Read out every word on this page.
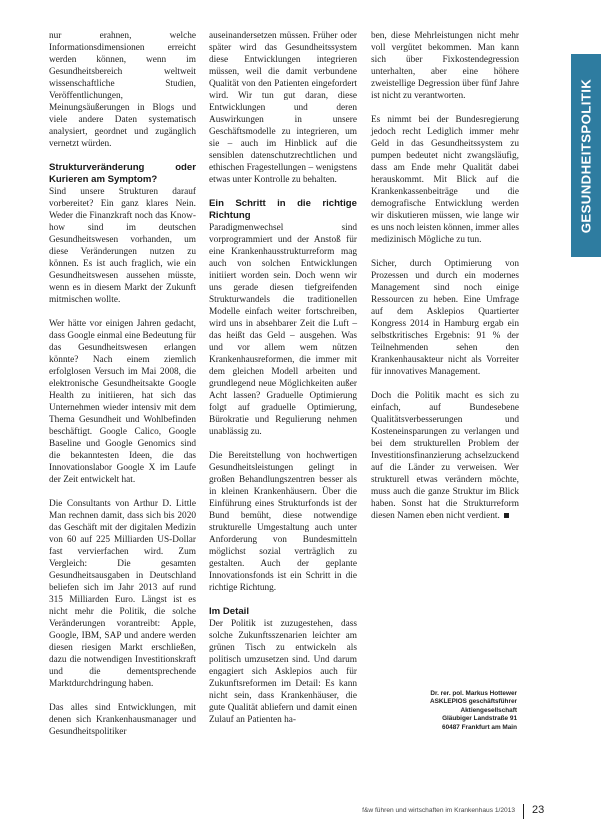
nur erahnen, welche Informationsdimensionen erreicht werden können, wenn im Gesundheitsbereich weltweit wissenschaftliche Studien, Veröffentlichungen, Meinungsäußerungen in Blogs und viele andere Daten systematisch analysiert, geordnet und zugänglich vernetzt würden.

Strukturveränderung oder Kurieren am Symptom?

Sind unsere Strukturen darauf vorbereitet? Ein ganz klares Nein. Weder die Finanzkraft noch das Know-how sind im deutschen Gesundheitswesen vorhanden, um diese Veränderungen nutzen zu können. Es ist auch fraglich, wie ein Gesundheitswesen aussehen müsste, wenn es in diesem Markt der Zukunft mitmischen wollte.

Wer hätte vor einigen Jahren gedacht, dass Google einmal eine Bedeutung für das Gesundheitswesen erlangen könnte? Nach einem ziemlich erfolglosen Versuch im Mai 2008, die elektronische Gesundheitsakte Google Health zu initiieren, hat sich das Unternehmen wieder intensiv mit dem Thema Gesundheit und Wohlbefinden beschäftigt. Google Calico, Google Baseline und Google Genomics sind die bekanntesten Ideen, die das Innovationslabor Google X im Laufe der Zeit entwickelt hat.

Die Consultants von Arthur D. Little Man rechnen damit, dass sich bis 2020 das Geschäft mit der digitalen Medizin von 60 auf 225 Milliarden US-Dollar fast vervierfachen wird. Zum Vergleich: Die gesamten Gesundheitsausgaben in Deutschland beliefen sich im Jahr 2013 auf rund 315 Milliarden Euro. Längst ist es nicht mehr die Politik, die solche Veränderungen vorantreibt: Apple, Google, IBM, SAP und andere werden diesen riesigen Markt erschließen, dazu die notwendigen Investitionskraft und die dementsprechende Marktdurchdringung haben.

Das alles sind Entwicklungen, mit denen sich Krankenhausmanager und Gesundheitspolitiker

auseinandersetzen müssen. Früher oder später wird das Gesundheitssystem diese Entwicklungen integrieren müssen, weil die damit verbundene Qualität von den Patienten eingefordert wird. Wir tun gut daran, diese Entwicklungen und deren Auswirkungen in unsere Geschäftsmodelle zu integrieren, um sie – auch im Hinblick auf die sensiblen datenschutzrechtlichen und ethischen Fragestellungen – wenigstens etwas unter Kontrolle zu behalten.

Ein Schritt in die richtige Richtung

Paradigmenwechsel sind vorprogrammiert und der Anstoß für eine Krankenhausstrukturreform mag auch von solchen Entwicklungen initiiert worden sein. Doch wenn wir uns gerade diesen tiefgreifenden Strukturwandels die traditionellen Modelle einfach weiter fortschreiben, wird uns in absehbarer Zeit die Luft – das heißt das Geld – ausgehen. Was und vor allem wem nützen Krankenhausreformen, die immer mit dem gleichen Modell arbeiten und grundlegend neue Möglichkeiten außer Acht lassen? Graduelle Optimierung folgt auf graduelle Optimierung, Bürokratie und Regulierung nehmen unablässig zu.

Die Bereitstellung von hochwertigen Gesundheitsleistungen gelingt in großen Behandlungszentren besser als in kleinen Krankenhäusern. Über die Einführung eines Strukturfonds ist der Bund bemüht, diese notwendige strukturelle Umgestaltung auch unter Anforderung von Bundesmitteln möglichst sozial verträglich zu gestalten. Auch der geplante Innovationsfonds ist ein Schritt in die richtige Richtung.

Im Detail

Der Politik ist zuzugestehen, dass solche Zukunftsszenarien leichter am grünen Tisch zu entwickeln als politisch umzusetzen sind. Und darum engagiert sich Asklepios auch für Zukunftsreformen im Detail: Es kann nicht sein, dass Krankenhäuser, die gute Qualität abliefern und damit einen Zulauf an Patienten ha-

ben, diese Mehrleistungen nicht mehr voll vergütet bekommen. Man kann sich über Fixkostendegression unterhalten, aber eine höhere zweistellige Degression über fünf Jahre ist nicht zu verantworten.

Es nimmt bei der Bundesregierung jedoch recht Lediglich immer mehr Geld in das Gesundheitssystem zu pumpen bedeutet nicht zwangsläufig, dass am Ende mehr Qualität dabei herauskommt. Mit Blick auf die Krankenkassenbeiträge und die demografische Entwicklung werden wir diskutieren müssen, wie lange wir es uns noch leisten können, immer alles medizinisch Mögliche zu tun.

Sicher, durch Optimierung von Prozessen und durch ein modernes Management sind noch einige Ressourcen zu heben. Eine Umfrage auf dem Asklepios Quartierter Kongress 2014 in Hamburg ergab ein selbstkritisches Ergebnis: 91 % der Teilnehmenden sehen den Krankenhausakteur nicht als Vorreiter für innovatives Management.

Doch die Politik macht es sich zu einfach, auf Bundesebene Qualitätsverbesserungen und Kosteneinsparungen zu verlangen und bei dem strukturellen Problem der Investitionsfinanzierung achselzuckend auf die Länder zu verweisen. Wer strukturell etwas verändern möchte, muss auch die ganze Struktur im Blick haben. Sonst hat die Strukturreform diesen Namen eben nicht verdient.

Dr. rer. pol. Markus Hottewer
ASKLEPIOS geschäftsführer
Aktiengesellschaft
Gläubiger Landstraße 91
60487 Frankfurt am Main
GESUNDHEITSPOLITIK
f&w führen und wirtschaften im Krankenhaus 1/2013 23
